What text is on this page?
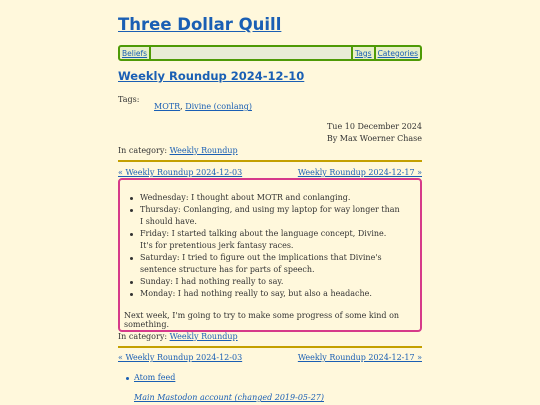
Three Dollar Quill
Beliefs	Tags Categories
Weekly Roundup 2024-12-10
Tags:
MOTR, Divine (conlang)
Tue 10 December 2024
By Max Woerner Chase
In category: Weekly Roundup
« Weekly Roundup 2024-12-03	Weekly Roundup 2024-12-17 »
Wednesday: I thought about MOTR and conlanging.
Thursday: Conlanging, and using my laptop for way longer than I should have.
Friday: I started talking about the language concept, Divine. It's for pretentious jerk fantasy races.
Saturday: I tried to figure out the implications that Divine's sentence structure has for parts of speech.
Sunday: I had nothing really to say.
Monday: I had nothing really to say, but also a headache.

Next week, I'm going to try to make some progress of some kind on something.

In category: Weekly Roundup
« Weekly Roundup 2024-12-03	Weekly Roundup 2024-12-17 »
Atom feed
Main Mastodon account (changed 2019-05-27)
